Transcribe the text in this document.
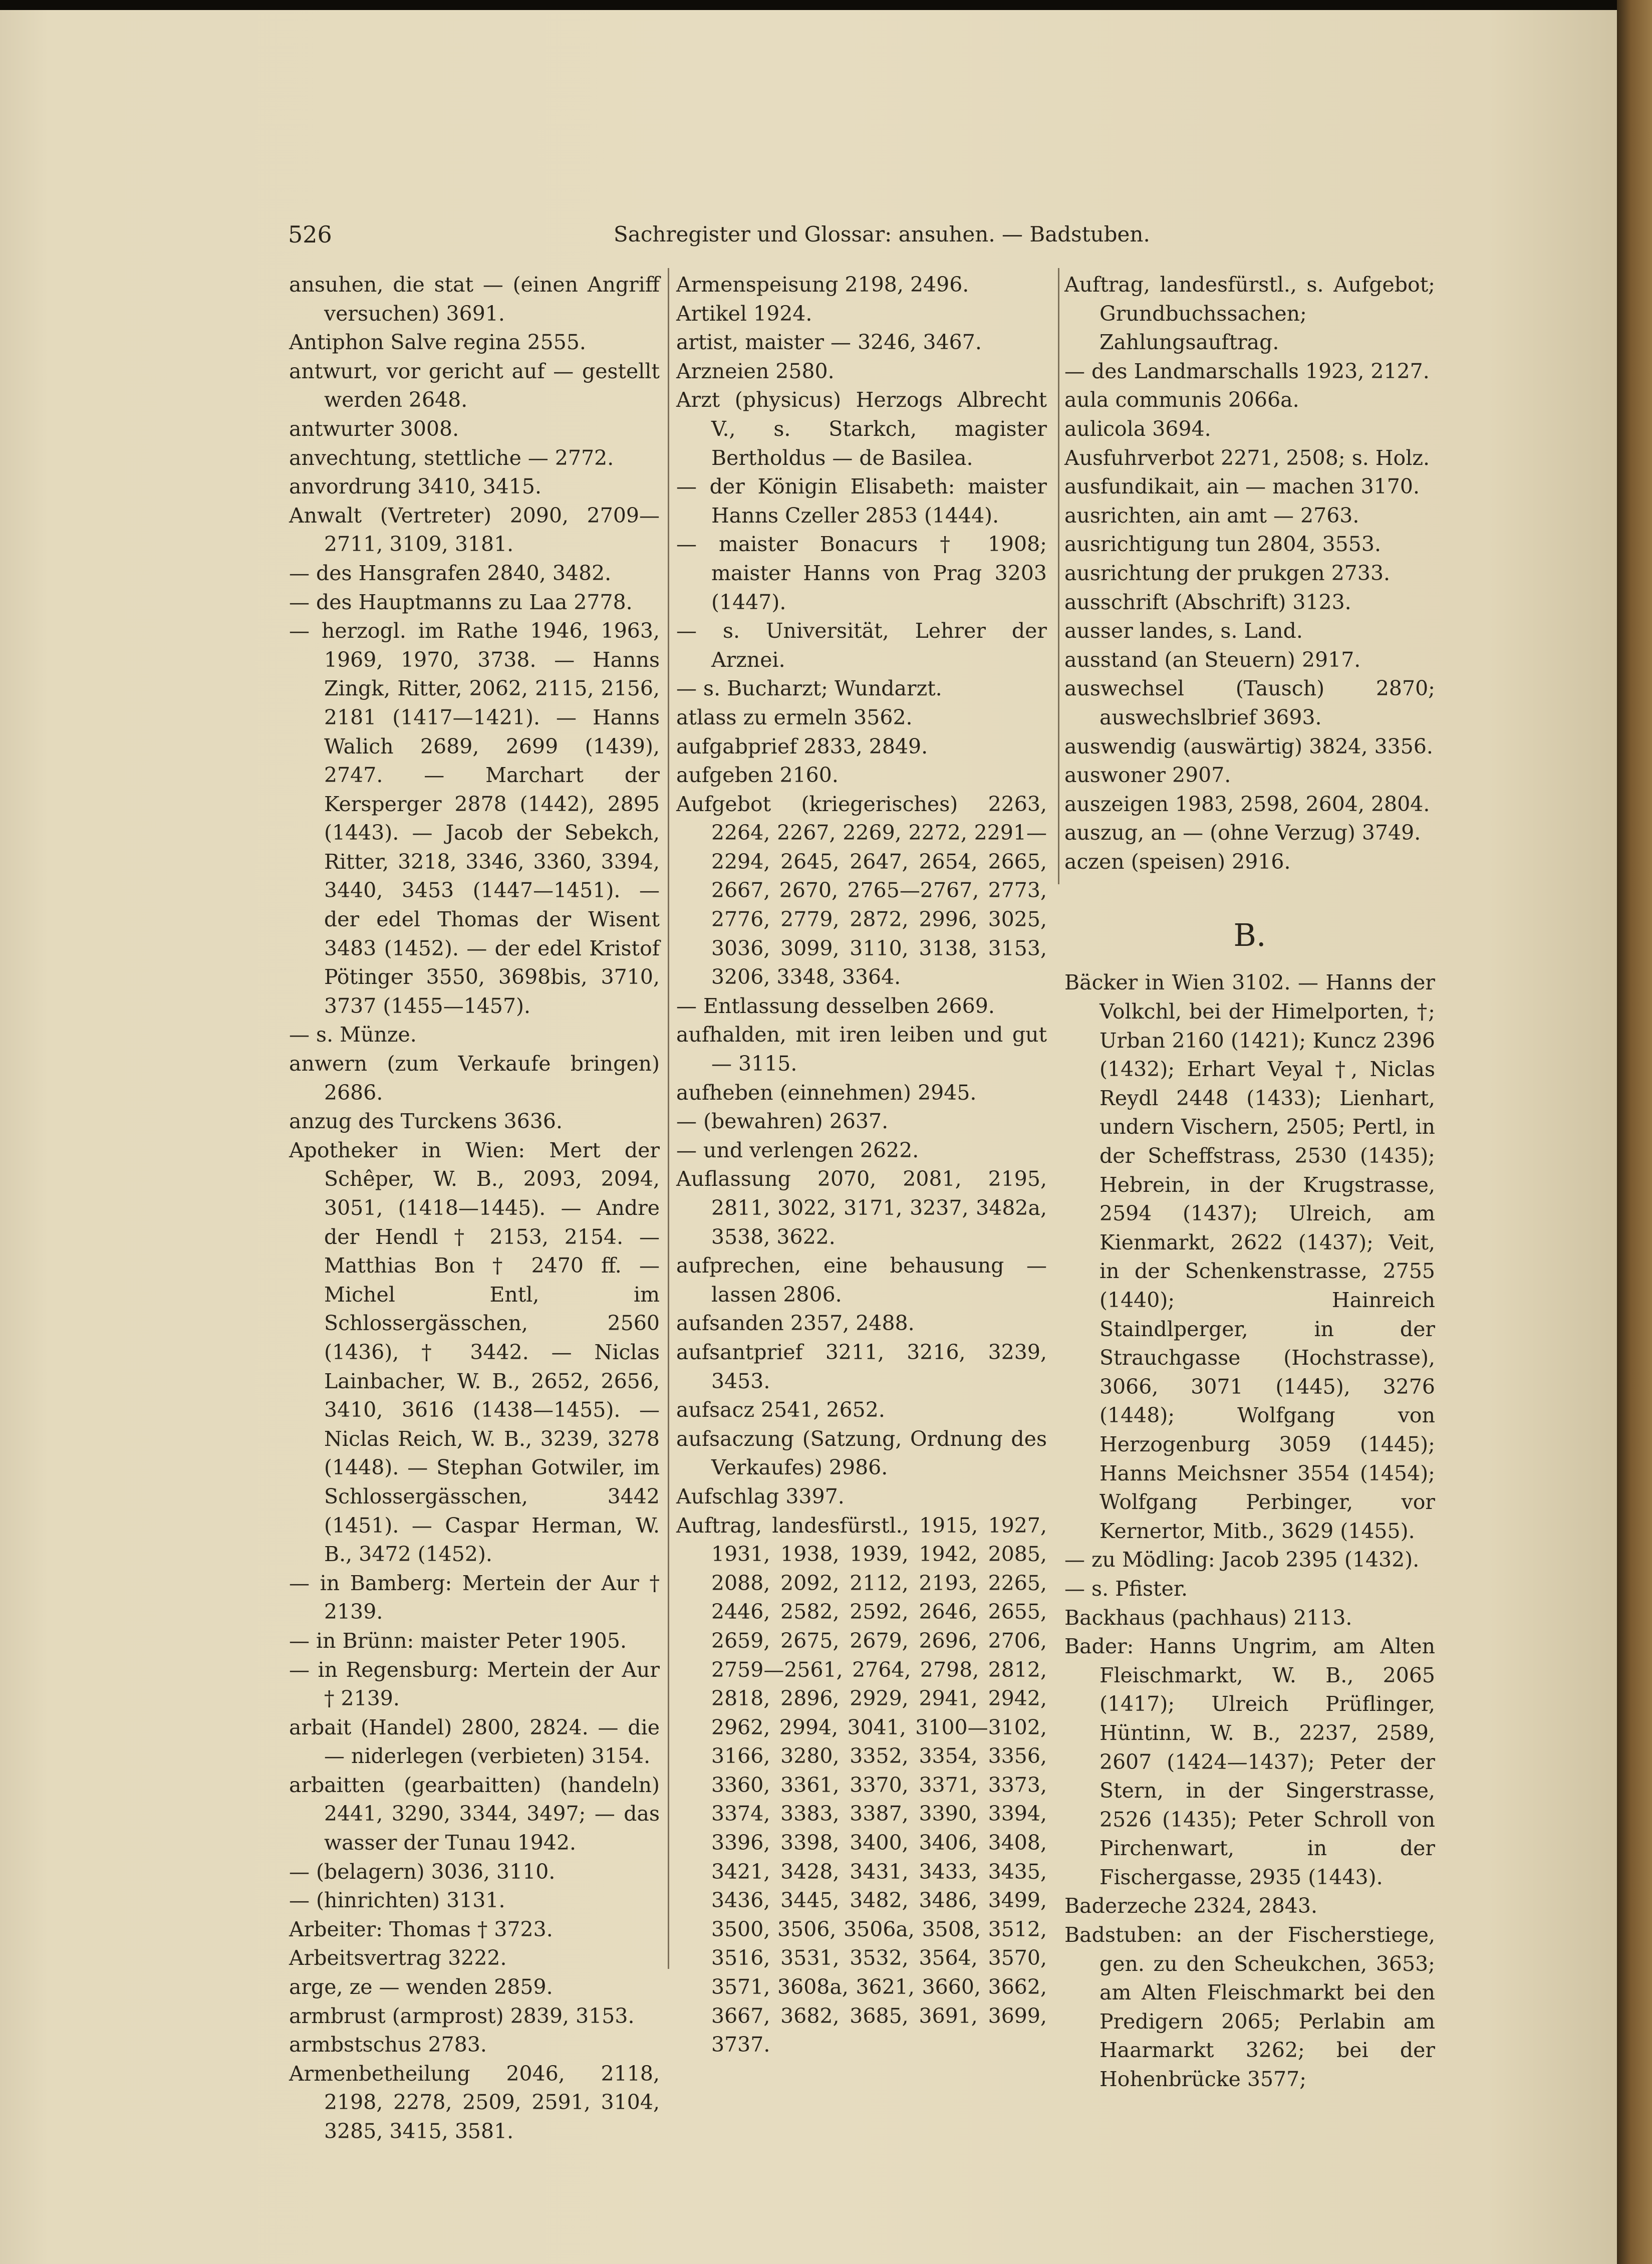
526	Sachregister und Glossar: ansuhen. — Badstuben.

ansuhen, die stat — (einen Angriff versuchen) 3691.

Antiphon Salve regina 2555.

antwurt, vor gericht auf — gestellt werden 2648.

antwurter 3008.

anvechtung, stettliche — 2772.

anvordrung 3410, 3415.

Anwalt (Vertreter) 2090, 2709— 2711, 3109, 3181.

— des Hansgrafen 2840, 3482.

— des Hauptmanns zu Laa 2778.

— herzogl. im Rathe 1946, 1963, 1969, 1970, 3738. — Hanns Zingk, Ritter, 2062, 2115, 2156, 2181 (1417—1421). — Hanns Walich 2689, 2699 (1439), 2747. — Marchart der Kersperger 2878 (1442), 2895 (1443). — Jacob der Sebekch, Ritter, 3218, 3346, 3360, 3394, 3440, 3453 (1447—1451). — der edel Thomas der Wisent 3483 (1452). — der edel Kristof Pötinger 3550, 3698bis, 3710, 3737 (1455—1457).

— s. Münze.

anwern (zum Verkaufe bringen) 2686.

anzug des Turckens 3636.

Apotheker in Wien: Mert der Schêper, W. B., 2093, 2094, 3051, (1418—1445). — Andre der Hendl † 2153, 2154. — Matthias Bon † 2470 ff. — Michel Entl, im Schlossergässchen, 2560 (1436), † 3442. — Niclas Lainbacher, W. B., 2652, 2656, 3410, 3616 (1438—1455). — Niclas Reich, W. B., 3239, 3278 (1448). — Stephan Gotwiler, im Schlossergässchen, 3442 (1451). — Caspar Herman, W. B., 3472 (1452).

— in Bamberg: Mertein der Aur † 2139.

— in Brünn: maister Peter 1905.

— in Regensburg: Mertein der Aur † 2139.

arbait (Handel) 2800, 2824. — die — niderlegen (verbieten) 3154.

arbaitten (gearbaitten) (handeln) 2441, 3290, 3344, 3497; — das wasser der Tunau 1942.

— (belagern) 3036, 3110.

— (hinrichten) 3131.

Arbeiter: Thomas † 3723.

Arbeitsvertrag 3222.

arge, ze — wenden 2859.

armbrust (armprost) 2839, 3153.

armbstschus 2783.

Armenbetheilung 2046, 2118, 2198, 2278, 2509, 2591, 3104, 3285, 3415, 3581.

Armenspeisung 2198, 2496.

Artikel 1924.

artist, maister — 3246, 3467.

Arzneien 2580.

Arzt (physicus) Herzogs Albrecht V., s. Starkch, magister Bertholdus — de Basilea.

— der Königin Elisabeth: maister Hanns Czeller 2853 (1444).

— maister Bonacurs † 1908; maister Hanns von Prag 3203 (1447).

— s. Universität, Lehrer der Arznei.

— s. Bucharzt; Wundarzt.

atlass zu ermeln 3562.

aufgabprief 2833, 2849.

aufgeben 2160.

Aufgebot (kriegerisches) 2263, 2264, 2267, 2269, 2272, 2291—2294, 2645, 2647, 2654, 2665, 2667, 2670, 2765—2767, 2773, 2776, 2779, 2872, 2996, 3025, 3036, 3099, 3110, 3138, 3153, 3206, 3348, 3364.

— Entlassung desselben 2669.

aufhalden, mit iren leiben und gut — 3115.

aufheben (einnehmen) 2945.

— (bewahren) 2637.

— und verlengen 2622.

Auflassung 2070, 2081, 2195, 2811, 3022, 3171, 3237, 3482a, 3538, 3622.

aufprechen, eine behausung — lassen 2806.

aufsanden 2357, 2488.

aufsantprief 3211, 3216, 3239, 3453.

aufsacz 2541, 2652.

aufsaczung (Satzung, Ordnung des Verkaufes) 2986.

Aufschlag 3397.

Auftrag, landesfürstl., 1915, 1927, 1931, 1938, 1939, 1942, 2085, 2088, 2092, 2112, 2193, 2265, 2446, 2582, 2592, 2646, 2655, 2659, 2675, 2679, 2696, 2706, 2759—2561, 2764, 2798, 2812, 2818, 2896, 2929, 2941, 2942, 2962, 2994, 3041, 3100—3102, 3166, 3280, 3352, 3354, 3356, 3360, 3361, 3370, 3371, 3373, 3374, 3383, 3387, 3390, 3394, 3396, 3398, 3400, 3406, 3408, 3421, 3428, 3431, 3433, 3435, 3436, 3445, 3482, 3486, 3499, 3500, 3506, 3506a, 3508, 3512, 3516, 3531, 3532, 3564, 3570, 3571, 3608a, 3621, 3660, 3662, 3667, 3682, 3685, 3691, 3699, 3737.

Auftrag, landesfürstl., s. Aufgebot; Grundbuchssachen; Zahlungsauftrag.

— des Landmarschalls 1923, 2127.

aula communis 2066a.

aulicola 3694.

Ausfuhrverbot 2271, 2508; s. Holz.

ausfundikait, ain — machen 3170.

ausrichten, ain amt — 2763.

ausrichtigung tun 2804, 3553.

ausrichtung der prukgen 2733.

ausschrift (Abschrift) 3123.

ausser landes, s. Land.

ausstand (an Steuern) 2917.

auswechsel (Tausch) 2870; auswechslbrief 3693.

auswendig (auswärtig) 3824, 3356.

auswoner 2907.

auszeigen 1983, 2598, 2604, 2804.

auszug, an — (ohne Verzug) 3749.

aczen (speisen) 2916.

B.

Bäcker in Wien 3102. — Hanns der Volkchl, bei der Himelporten, †; Urban 2160 (1421); Kuncz 2396 (1432); Erhart Veyal †, Niclas Reydl 2448 (1433); Lienhart, undern Vischern, 2505; Pertl, in der Scheffstrass, 2530 (1435); Hebrein, in der Krugstrasse, 2594 (1437); Ulreich, am Kienmarkt, 2622 (1437); Veit, in der Schenkenstrasse, 2755 (1440); Hainreich Staindlperger, in der Strauchgasse (Hochstrasse), 3066, 3071 (1445), 3276 (1448); Wolfgang von Herzogenburg 3059 (1445); Hanns Meichsner 3554 (1454); Wolfgang Perbinger, vor Kernertor, Mitb., 3629 (1455).

— zu Mödling: Jacob 2395 (1432).

— s. Pfister.

Backhaus (pachhaus) 2113.

Bader: Hanns Ungrim, am Alten Fleischmarkt, W. B., 2065 (1417); Ulreich Prüflinger, Hüntinn, W. B., 2237, 2589, 2607 (1424—1437); Peter der Stern, in der Singerstrasse, 2526 (1435); Peter Schroll von Pirchenwart, in der Fischergasse, 2935 (1443).

Baderzeche 2324, 2843.

Badstuben: an der Fischerstiege, gen. zu den Scheukchen, 3653; am Alten Fleischmarkt bei den Predigern 2065; Perlabin am Haarmarkt 3262; bei der Hohenbrücke 3577;
